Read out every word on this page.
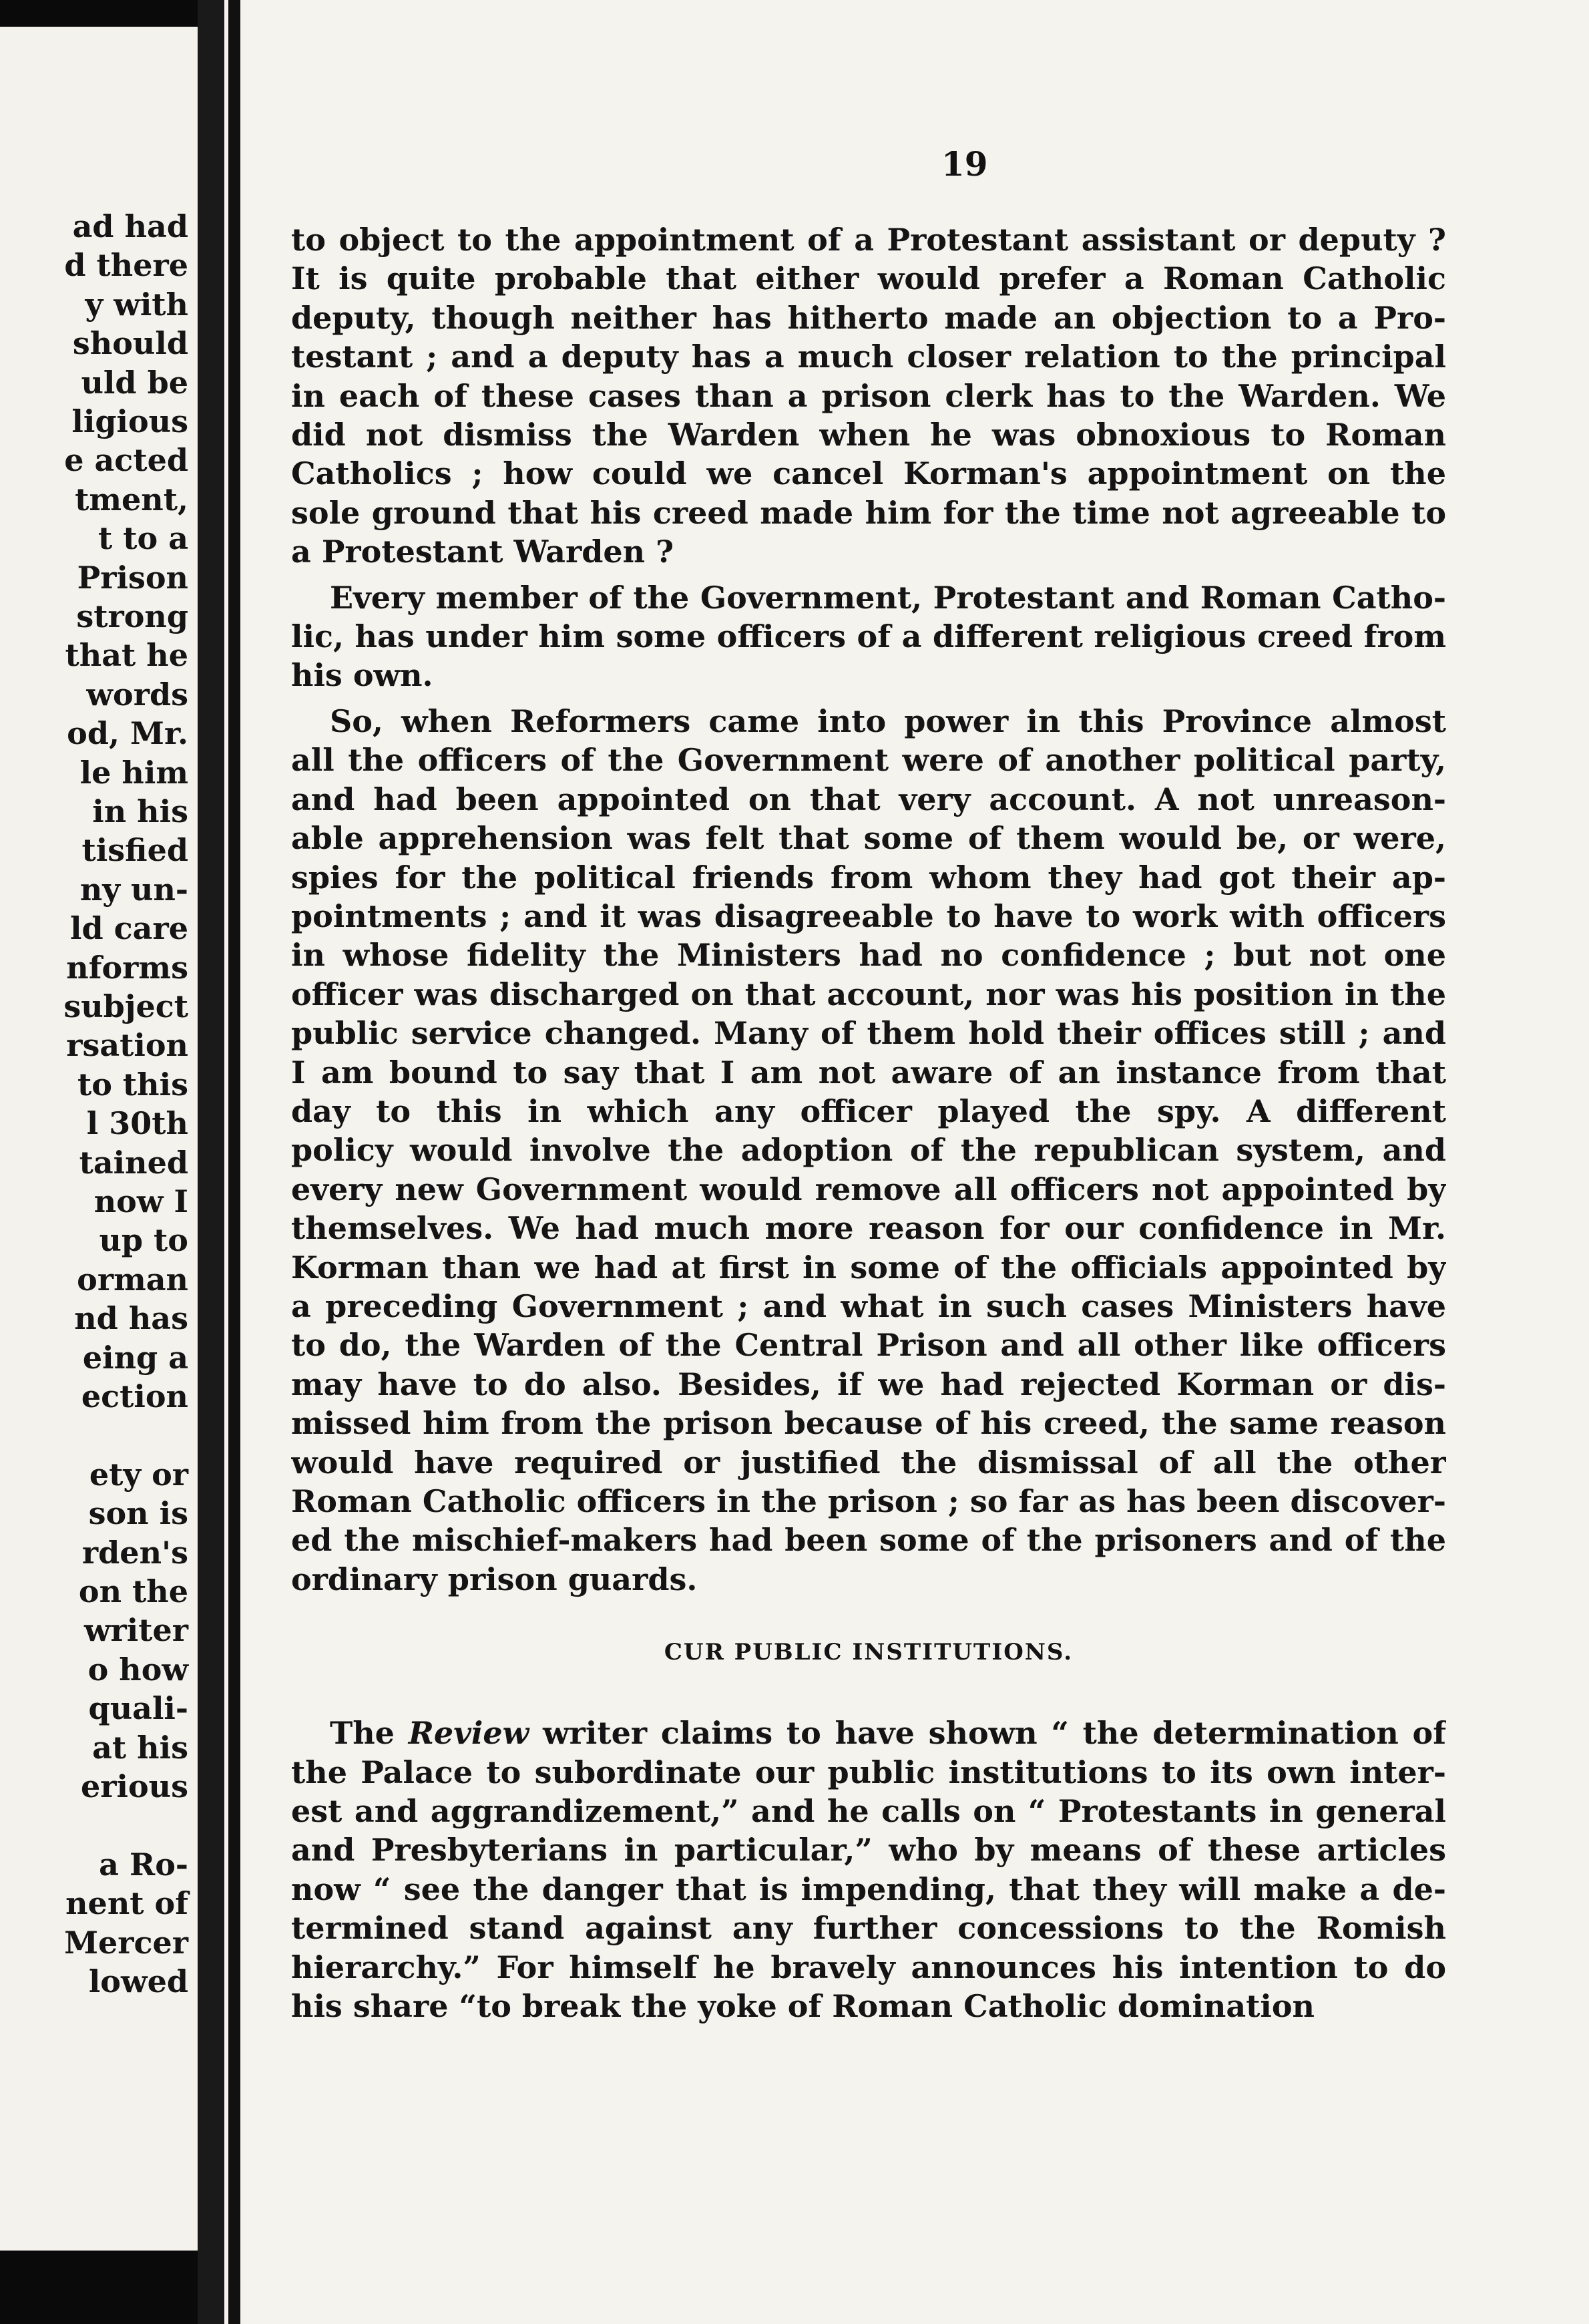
ad had
d there
y with
should
uld be
ligious
e acted
tment,
t to a
Prison
strong
that he
words
od, Mr.
le him
in his
tisfied
ny un-
ld care
nforms
subject
rsation
to this
l 30th
tained
now I
up to
orman
nd has
eing a
ection
ety or
son is
rden's
on the
writer
o how
quali-
at his
erious
a Ro-
nent of
Mercer
lowed
19
to object to the appointment of a Protestant assistant or deputy ?
It is quite probable that either would prefer a Roman Catholic
deputy, though neither has hitherto made an objection to a Pro-
testant ; and a deputy has a much closer relation to the principal
in each of these cases than a prison clerk has to the Warden. We
did not dismiss the Warden when he was obnoxious to Roman
Catholics ; how could we cancel Korman's appointment on the
sole ground that his creed made him for the time not agreeable to
a Protestant Warden ?
Every member of the Government, Protestant and Roman Catho-
lic, has under him some officers of a different religious creed from
his own.
So, when Reformers came into power in this Province almost
all the officers of the Government were of another political party,
and had been appointed on that very account. A not unreason-
able apprehension was felt that some of them would be, or were,
spies for the political friends from whom they had got their ap-
pointments ; and it was disagreeable to have to work with officers
in whose fidelity the Ministers had no confidence ; but not one
officer was discharged on that account, nor was his position in the
public service changed. Many of them hold their offices still ; and
I am bound to say that I am not aware of an instance from that
day to this in which any officer played the spy. A different
policy would involve the adoption of the republican system, and
every new Government would remove all officers not appointed by
themselves. We had much more reason for our confidence in Mr.
Korman than we had at first in some of the officials appointed by
a preceding Government ; and what in such cases Ministers have
to do, the Warden of the Central Prison and all other like officers
may have to do also. Besides, if we had rejected Korman or dis-
missed him from the prison because of his creed, the same reason
would have required or justified the dismissal of all the other
Roman Catholic officers in the prison ; so far as has been discover-
ed the mischief-makers had been some of the prisoners and of the
ordinary prison guards.
CUR PUBLIC INSTITUTIONS.
The Review writer claims to have shown “ the determination of
the Palace to subordinate our public institutions to its own inter-
est and aggrandizement,” and he calls on “ Protestants in general
and Presbyterians in particular,” who by means of these articles
now “ see the danger that is impending, that they will make a de-
termined stand against any further concessions to the Romish
hierarchy.” For himself he bravely announces his intention to do
his share “to break the yoke of Roman Catholic domination
